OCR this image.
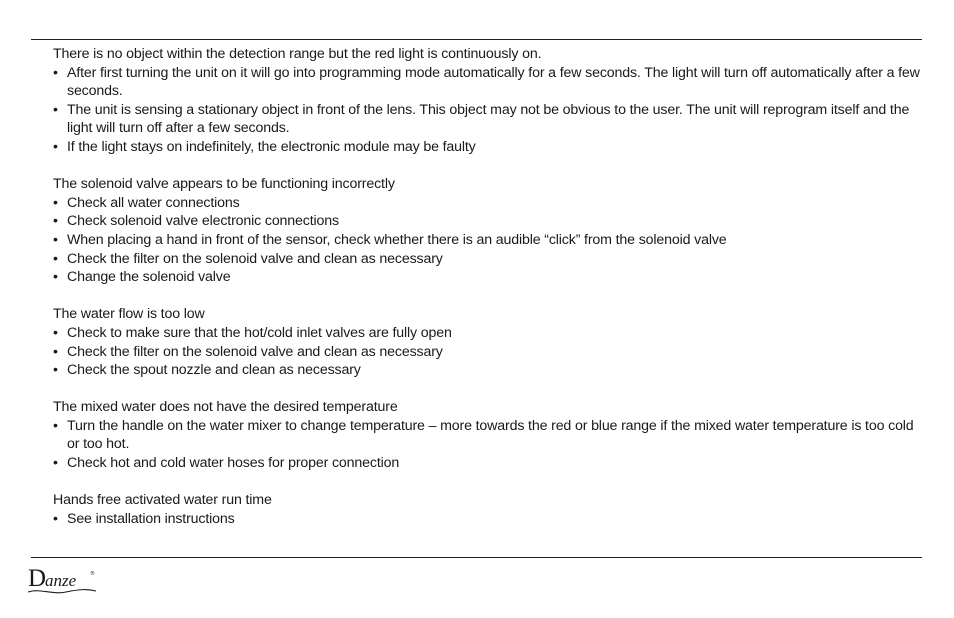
There is no object within the detection range but the red light is continuously on.

• After first turning the unit on it will go into programming mode automatically for a few seconds. The light will turn off automatically after a few seconds.
• The unit is sensing a stationary object in front of the lens. This object may not be obvious to the user. The unit will reprogram itself and the light will turn off after a few seconds.
• If the light stays on indefinitely, the electronic module may be faulty

The solenoid valve appears to be functioning incorrectly

• Check all water connections
• Check solenoid valve electronic connections
• When placing a hand in front of the sensor, check whether there is an audible “click” from the solenoid valve
• Check the filter on the solenoid valve and clean as necessary
• Change the solenoid valve

The water flow is too low

• Check to make sure that the hot/cold inlet valves are fully open
• Check the filter on the solenoid valve and clean as necessary
• Check the spout nozzle and clean as necessary

The mixed water does not have the desired temperature

• Turn the handle on the water mixer to change temperature – more towards the red or blue range if the mixed water temperature is too cold or too hot.
• Check hot and cold water hoses for proper connection

Hands free activated water run time

• See installation instructions
D
anze	®
